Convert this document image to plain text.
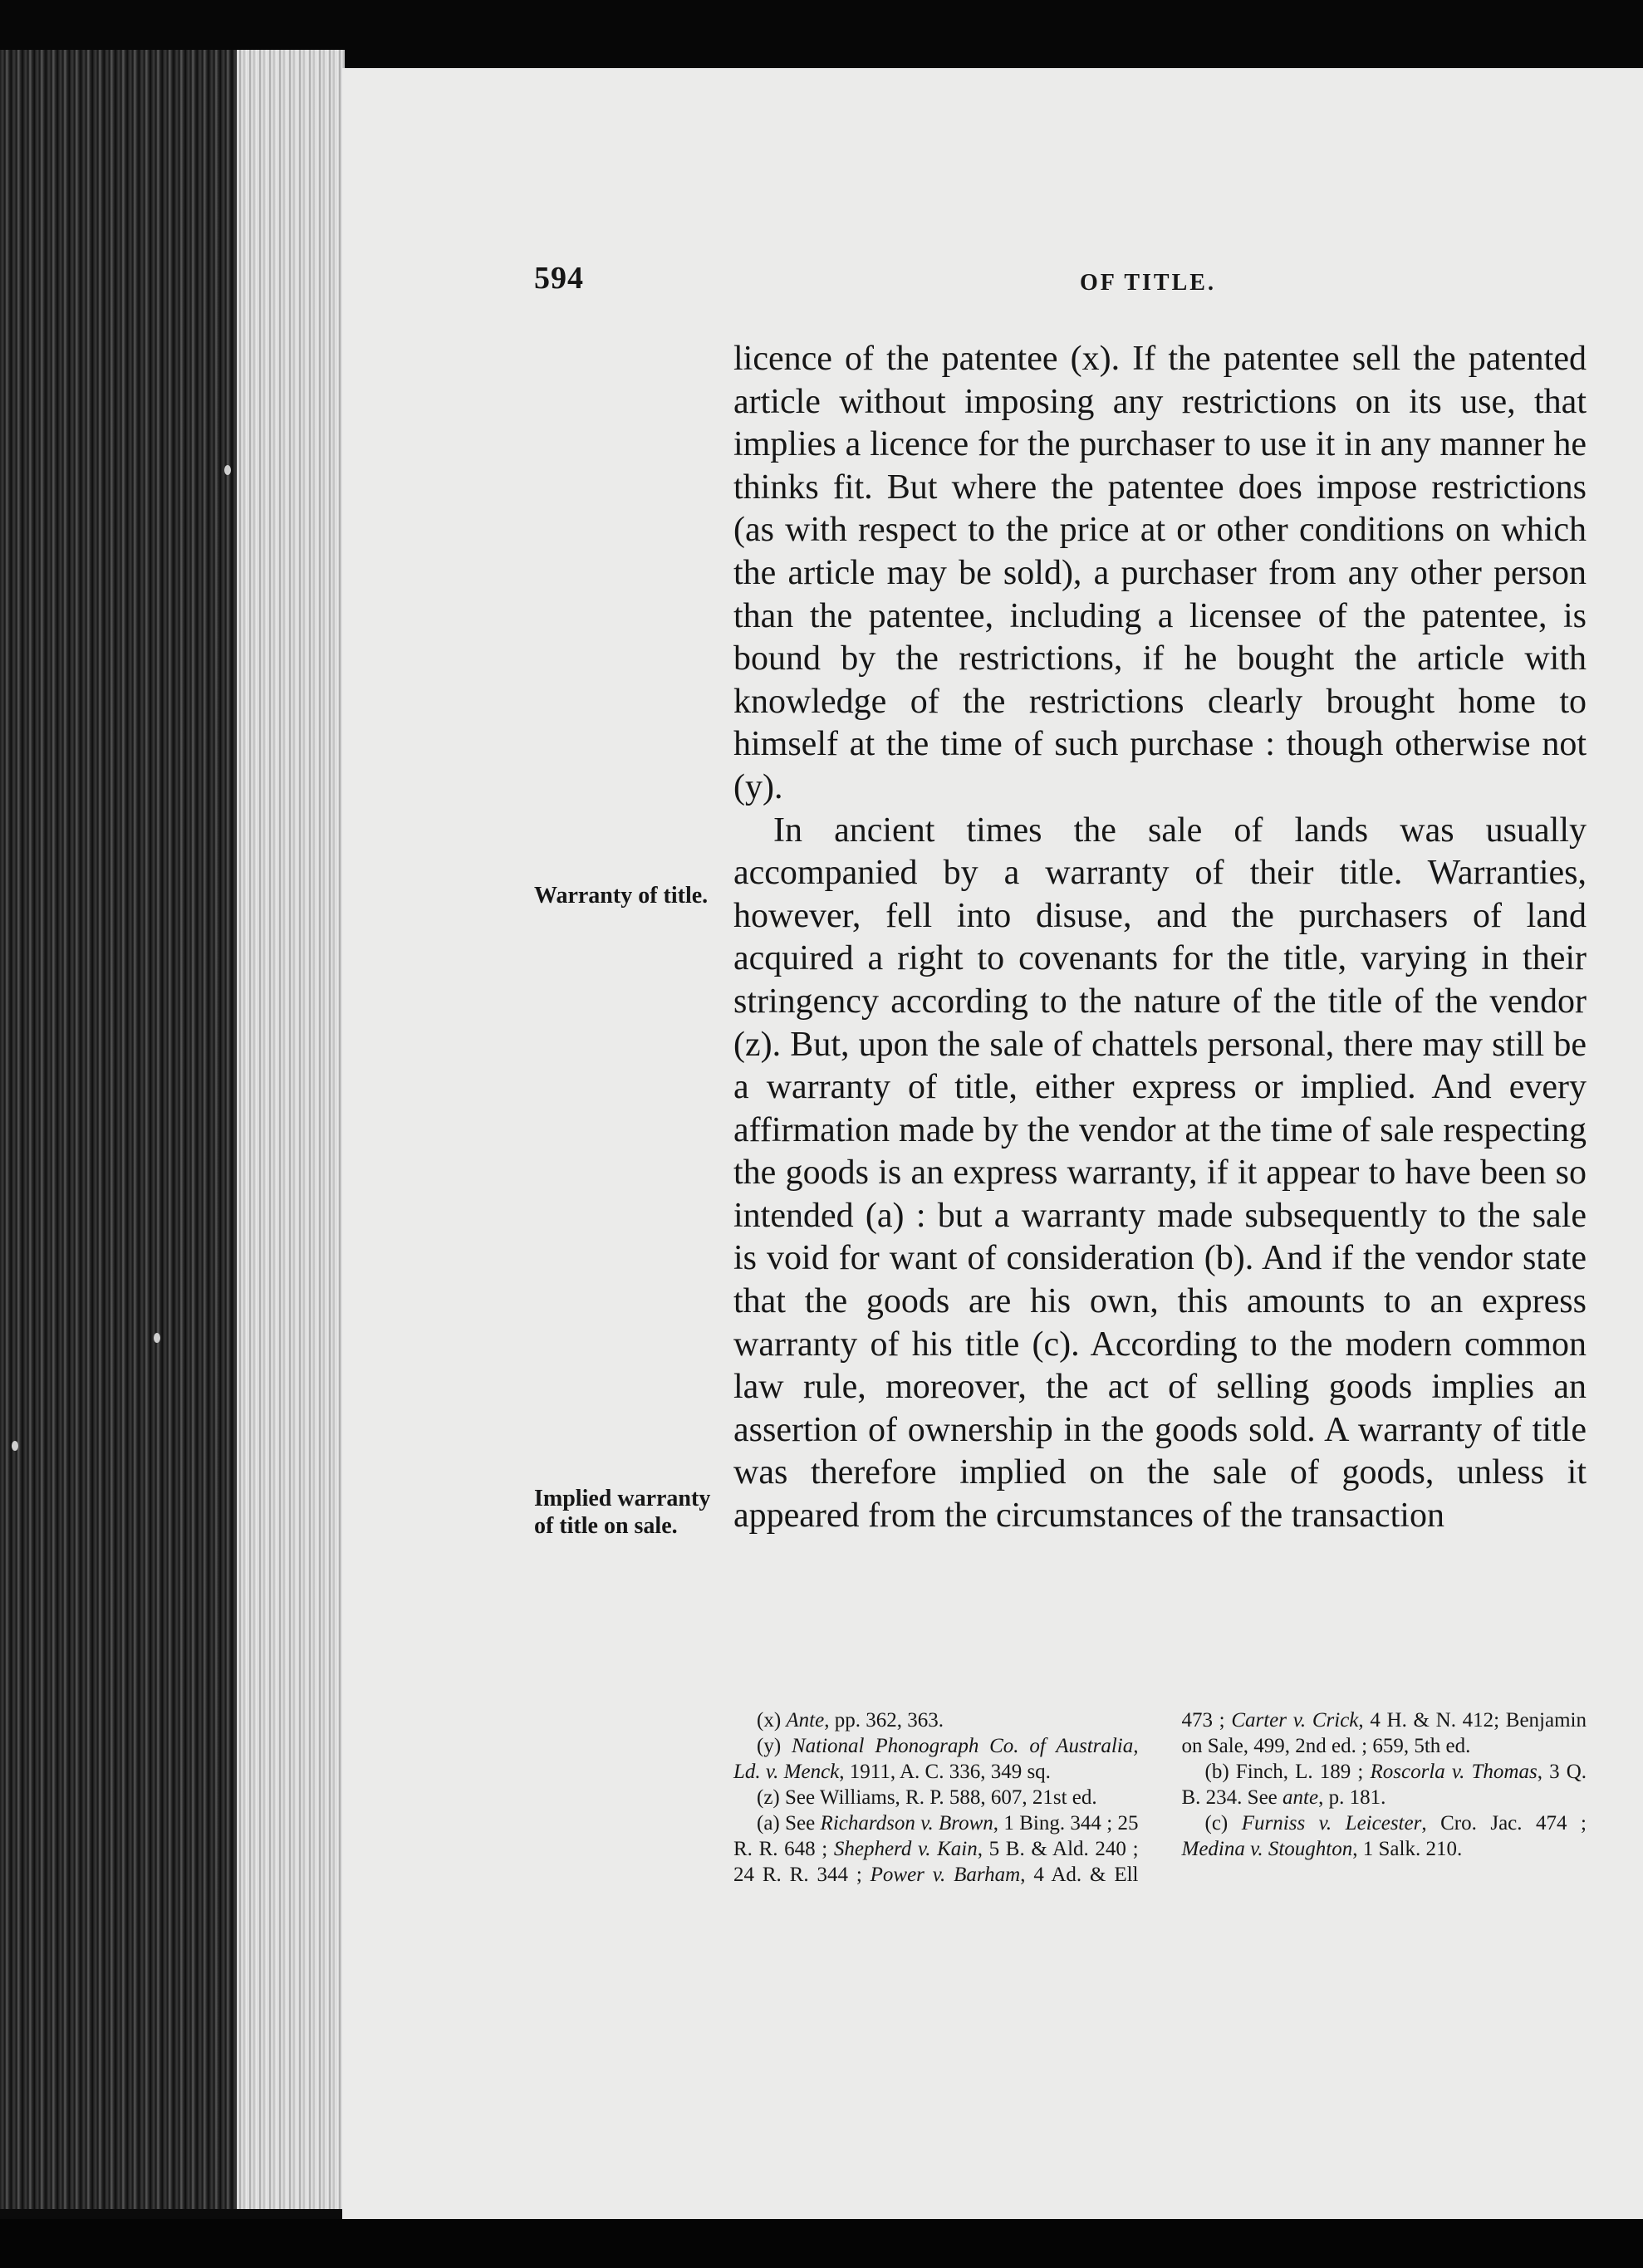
594	OF TITLE.
Warranty of title.
Implied warranty of title on sale.

licence of the patentee (x). If the patentee sell the patented article without imposing any restrictions on its use, that implies a licence for the purchaser to use it in any manner he thinks fit. But where the patentee does impose restrictions (as with respect to the price at or other conditions on which the article may be sold), a purchaser from any other person than the patentee, including a licensee of the patentee, is bound by the restrictions, if he bought the article with knowledge of the restrictions clearly brought home to himself at the time of such purchase : though otherwise not (y).

In ancient times the sale of lands was usually accompanied by a warranty of their title. Warranties, however, fell into disuse, and the purchasers of land acquired a right to covenants for the title, varying in their stringency according to the nature of the title of the vendor (z). But, upon the sale of chattels personal, there may still be a warranty of title, either express or implied. And every affirmation made by the vendor at the time of sale respecting the goods is an express warranty, if it appear to have been so intended (a) : but a warranty made subsequently to the sale is void for want of consideration (b). And if the vendor state that the goods are his own, this amounts to an express warranty of his title (c). According to the modern common law rule, moreover, the act of selling goods implies an assertion of ownership in the goods sold. A warranty of title was therefore implied on the sale of goods, unless it appeared from the circumstances of the transaction

(x) Ante, pp. 362, 363.

(y) National Phonograph Co. of Australia, Ld. v. Menck, 1911, A. C. 336, 349 sq.

(z) See Williams, R. P. 588, 607, 21st ed.

(a) See Richardson v. Brown, 1 Bing. 344 ; 25 R. R. 648 ; Shepherd v. Kain, 5 B. & Ald. 240 ; 24 R. R. 344 ; Power v. Barham, 4 Ad. & Ell 473 ; Carter v. Crick, 4 H. & N. 412; Benjamin on Sale, 499, 2nd ed. ; 659, 5th ed.

(b) Finch, L. 189 ; Roscorla v. Thomas, 3 Q. B. 234. See ante, p. 181.

(c) Furniss v. Leicester, Cro. Jac. 474 ; Medina v. Stoughton, 1 Salk. 210.
